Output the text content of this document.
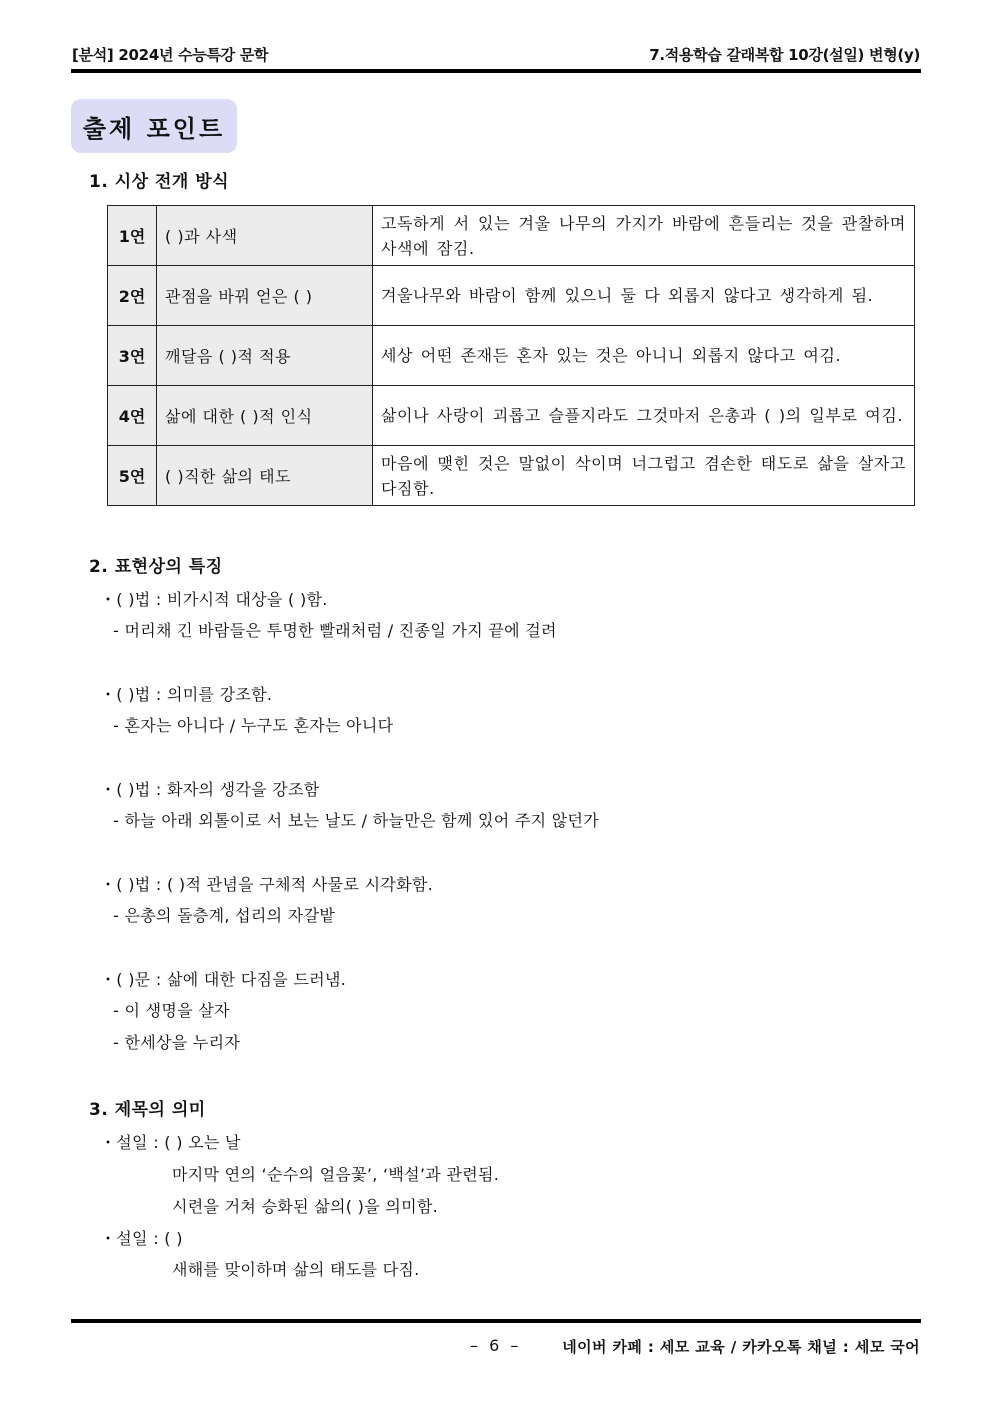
[분석] 2024년 수능특강 문학	7.적용학습 갈래복합 10강(설일) 변형(y)
출제 포인트
1. 시상 전개 방식
1연	( )과 사색	고독하게 서 있는 겨울 나무의 가지가 바람에 흔들리는 것을 관찰하며 사색에 잠김.
2연	관점을 바꿔 얻은 ( )	겨울나무와 바람이 함께 있으니 둘 다 외롭지 않다고 생각하게 됨.
3연	깨달음 ( )적 적용	세상 어떤 존재든 혼자 있는 것은 아니니 외롭지 않다고 여김.
4연	삶에 대한 ( )적 인식	삶이나 사랑이 괴롭고 슬플지라도 그것마저 은총과 ( )의 일부로 여김.
5연	( )직한 삶의 태도	마음에 맺힌 것은 말없이 삭이며 너그럽고 겸손한 태도로 삶을 살자고 다짐함.
2. 표현상의 특징
・( )법 : 비가시적 대상을 ( )함.
- 머리채 긴 바람들은 투명한 빨래처럼 / 진종일 가지 끝에 걸려
・( )법 : 의미를 강조함.
- 혼자는 아니다 / 누구도 혼자는 아니다
・( )법 : 화자의 생각을 강조함
- 하늘 아래 외톨이로 서 보는 날도 / 하늘만은 함께 있어 주지 않던가
・( )법 : ( )적 관념을 구체적 사물로 시각화함.
- 은총의 돌층계, 섭리의 자갈밭
・( )문 : 삶에 대한 다짐을 드러냄.
- 이 생명을 살자
- 한세상을 누리자
3. 제목의 의미
・설일 : ( ) 오는 날
마지막 연의 ‘순수의 얼음꽃’, ‘백설’과 관련됨.
시련을 거쳐 승화된 삶의( )을 의미함.
・설일 : ( )
새해를 맞이하며 삶의 태도를 다짐.
– 6 –	네이버 카페 : 세모 교육 / 카카오톡 채널 : 세모 국어
